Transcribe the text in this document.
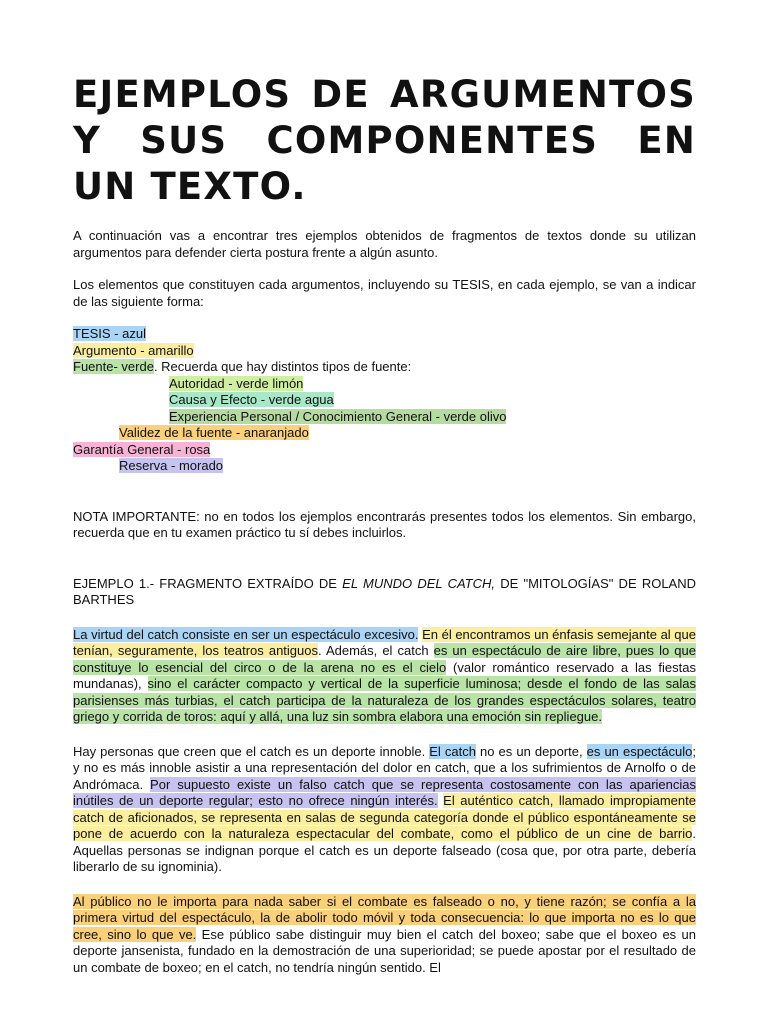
EJEMPLOS DE ARGUMENTOS Y SUS COMPONENTES EN UN TEXTO.

A continuación vas a encontrar tres ejemplos obtenidos de fragmentos de textos donde su utilizan argumentos para defender cierta postura frente a algún asunto.

Los elementos que constituyen cada argumentos, incluyendo su TESIS, en cada ejemplo, se van a indicar de las siguiente forma:

TESIS - azul

Argumento - amarillo

Fuente- verde. Recuerda que hay distintos tipos de fuente:

Autoridad - verde limón

Causa y Efecto - verde agua

Experiencia Personal / Conocimiento General - verde olivo

Validez de la fuente - anaranjado

Garantía General - rosa

Reserva - morado

NOTA IMPORTANTE: no en todos los ejemplos encontrarás presentes todos los elementos. Sin embargo, recuerda que en tu examen práctico tu sí debes incluirlos.

EJEMPLO 1.- FRAGMENTO EXTRAÍDO DE EL MUNDO DEL CATCH, DE "MITOLOGÍAS" DE ROLAND BARTHES

La virtud del catch consiste en ser un espectáculo excesivo. En él encontramos un énfasis semejante al que tenían, seguramente, los teatros antiguos. Además, el catch es un espectáculo de aire libre, pues lo que constituye lo esencial del circo o de la arena no es el cielo (valor romántico reservado a las fiestas mundanas), sino el carácter compacto y vertical de la superficie luminosa; desde el fondo de las salas parisienses más turbias, el catch participa de la naturaleza de los grandes espectáculos solares, teatro griego y corrida de toros: aquí y allá, una luz sin sombra elabora una emoción sin repliegue.

Hay personas que creen que el catch es un deporte innoble. El catch no es un deporte, es un espectáculo; y no es más innoble asistir a una representación del dolor en catch, que a los sufrimientos de Arnolfo o de Andrómaca. Por supuesto existe un falso catch que se representa costosamente con las apariencias inútiles de un deporte regular; esto no ofrece ningún interés. El auténtico catch, llamado impropiamente catch de aficionados, se representa en salas de segunda categoría donde el público espontáneamente se pone de acuerdo con la naturaleza espectacular del combate, como el público de un cine de barrio. Aquellas personas se indignan porque el catch es un deporte falseado (cosa que, por otra parte, debería liberarlo de su ignominia).

Al público no le importa para nada saber si el combate es falseado o no, y tiene razón; se confía a la primera virtud del espectáculo, la de abolir todo móvil y toda consecuencia: lo que importa no es lo que cree, sino lo que ve. Ese público sabe distinguir muy bien el catch del boxeo; sabe que el boxeo es un deporte jansenista, fundado en la demostración de una superioridad; se puede apostar por el resultado de un combate de boxeo; en el catch, no tendría ningún sentido. El
